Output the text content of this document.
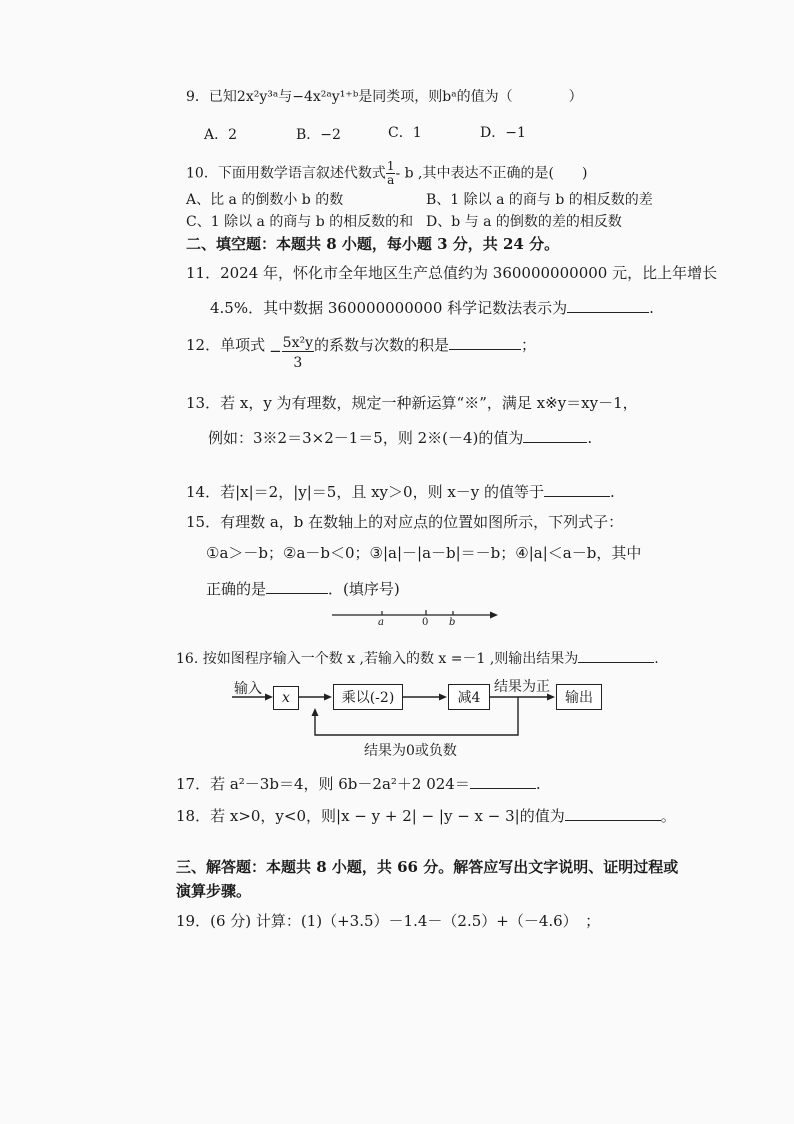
9．已知2x²y³ᵃ与−4x²ᵃy¹⁺ᵇ是同类项，则bᵃ的值为（　　　　）
A．2	B．−2	C．1	D．−1
10．下面用数学语言叙述代数式 $\frac{1}{a}$ - b ,其中表达不正确的是(　　)
A、比 a 的倒数小 b 的数	B、1 除以 a 的商与 b 的相反数的差
C、1 除以 a 的商与 b 的相反数的和 D、b 与 a 的倒数的差的相反数
二、填空题：本题共 8 小题，每小题 3 分，共 24 分。
11．2024 年，怀化市全年地区生产总值约为 360000000000 元，比上年增长
4.5%．其中数据 360000000000 科学记数法表示为	.
12．单项式 − $\frac{\text{5x²y}}{3}$ 的系数与次数的积是	；
13．若 x，y 为有理数，规定一种新运算“※”，满足 x※y＝xy－1，
例如：3※2＝3×2－1＝5，则 2※(－4)的值为	.
14．若|x|＝2，|y|＝5，且 xy＞0，则 x－y 的值等于	.
15．有理数 a，b 在数轴上的对应点的位置如图所示，下列式子：
①a＞－b；②a－b＜0；③|a|－|a－b|＝－b；④|a|＜a－b，其中
正确的是	．(填序号)
a	0 b
16. 按如图程序输入一个数 x ,若输入的数 x =－1 ,则输出结果为	.
输入
x	乘以(-2)	减4
结果为正
输出
结果为0或负数
17．若 a²－3b＝4，则 6b－2a²＋2 024＝	.
18．若 x>0，y<0，则|x − y + 2| − |y − x − 3|的值为	。
三、解答题：本题共 8 小题，共 66 分。解答应写出文字说明、证明过程或
演算步骤。
19．(6 分) 计算：(1)（+3.5）－1.4－（2.5）+（－4.6）　；
